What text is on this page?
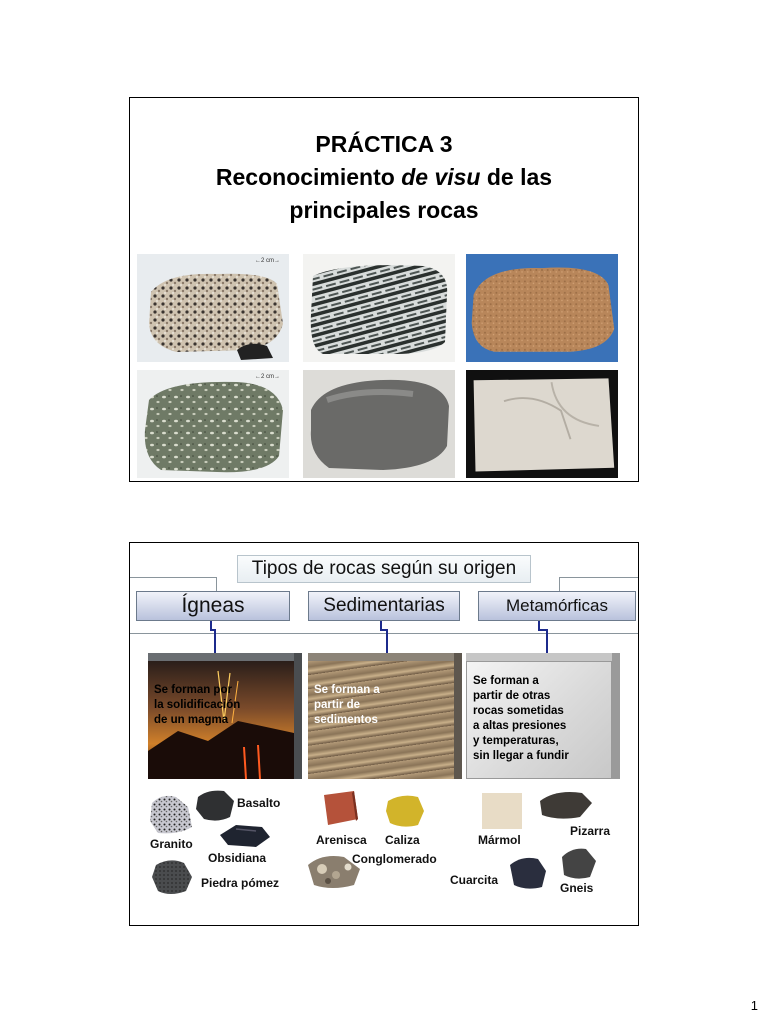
PRÁCTICA 3
Reconocimiento de visu de las
principales rocas
←2 cm→
←2 cm→
Tipos de rocas según su origen
Ígneas	Sedimentarias	Metamórficas
Se forman por
la solidificación
de un magma
Se forman a
partir de
sedimentos
Se forman a
partir de otras
rocas sometidas
a altas presiones
y temperaturas,
sin llegar a fundir
Basalto
Granito
Obsidiana
Piedra pómez
Arenisca Caliza
Conglomerado
Mármol
Pizarra
Cuarcita
Gneis
1
